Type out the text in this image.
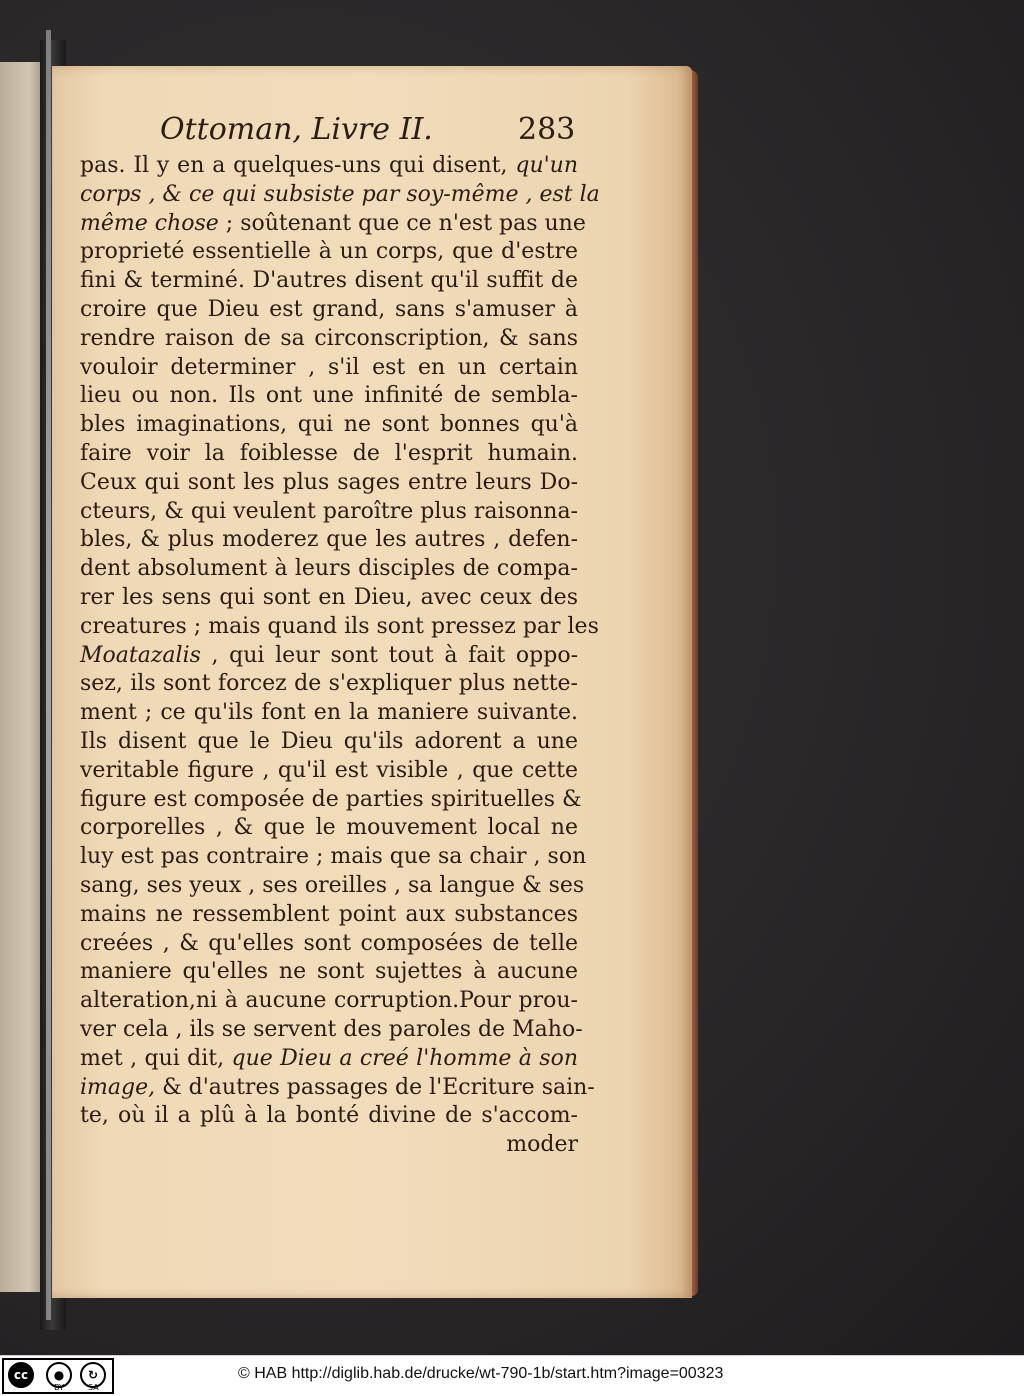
Ottoman, Livre II.	283
pas. Il y en a quelques-uns qui disent, qu'un
corps , & ce qui subsiste par soy-même , est la
même chose ; soûtenant que ce n'est pas une
proprieté essentielle à un corps, que d'estre
fini & terminé. D'autres disent qu'il suffit de
croire que Dieu est grand, sans s'amuser à
rendre raison de sa circonscription, & sans
vouloir determiner , s'il est en un certain
lieu ou non. Ils ont une infinité de sembla-
bles imaginations, qui ne sont bonnes qu'à
faire voir la foiblesse de l'esprit humain.
Ceux qui sont les plus sages entre leurs Do-
cteurs, & qui veulent paroître plus raisonna-
bles, & plus moderez que les autres , defen-
dent absolument à leurs disciples de compa-
rer les sens qui sont en Dieu, avec ceux des
creatures ; mais quand ils sont pressez par les
Moatazalis , qui leur sont tout à fait oppo-
sez, ils sont forcez de s'expliquer plus nette-
ment ; ce qu'ils font en la maniere suivante.
Ils disent que le Dieu qu'ils adorent a une
veritable figure , qu'il est visible , que cette
figure est composée de parties spirituelles &
corporelles , & que le mouvement local ne
luy est pas contraire ; mais que sa chair , son
sang, ses yeux , ses oreilles , sa langue & ses
mains ne ressemblent point aux substances
creées , & qu'elles sont composées de telle
maniere qu'elles ne sont sujettes à aucune
alteration,ni à aucune corruption.Pour prou-
ver cela , ils se servent des paroles de Maho-
met , qui dit, que Dieu a creé l'homme à son
image, & d'autres passages de l'Ecriture sain-
te, où il a plû à la bonté divine de s'accom-
moder
cc	●	↻
BY	SA
© HAB http://diglib.hab.de/drucke/wt-790-1b/start.htm?image=00323
